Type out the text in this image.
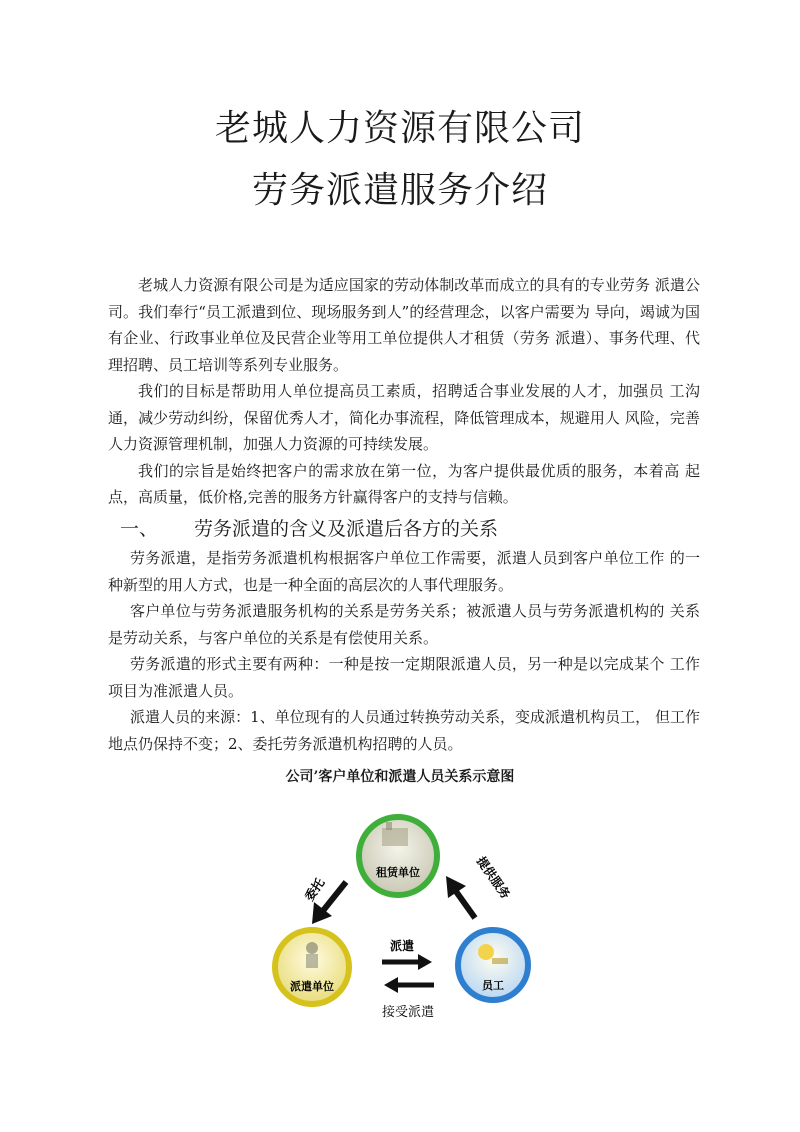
老城人力资源有限公司
劳务派遣服务介绍

老城人力资源有限公司是为适应国家的劳动体制改革而成立的具有的专业劳务 派遣公司。我们奉行“员工派遣到位、现场服务到人”的经营理念，以客户需要为 导向，竭诚为国有企业、行政事业单位及民营企业等用工单位提供人才租赁（劳务 派遣）、事务代理、代理招聘、员工培训等系列专业服务。

我们的目标是帮助用人单位提高员工素质，招聘适合事业发展的人才，加强员 工沟通，减少劳动纠纷，保留优秀人才，简化办事流程，降低管理成本，规避用人 风险，完善人力资源管理机制，加强人力资源的可持续发展。

我们的宗旨是始终把客户的需求放在第一位，为客户提供最优质的服务，本着高 起点，高质量，低价格,完善的服务方针赢得客户的支持与信赖。

一、 劳务派遣的含义及派遣后各方的关系

劳务派遣，是指劳务派遣机构根据客户单位工作需要，派遣人员到客户单位工作 的一种新型的用人方式，也是一种全面的高层次的人事代理服务。

客户单位与劳务派遣服务机构的关系是劳务关系；被派遣人员与劳务派遣机构的 关系是劳动关系，与客户单位的关系是有偿使用关系。

劳务派遣的形式主要有两种：一种是按一定期限派遣人员，另一种是以完成某个 工作项目为准派遣人员。

派遣人员的来源：1、单位现有的人员通过转换劳动关系，变成派遣机构员工， 但工作地点仍保持不变；2、委托劳务派遣机构招聘的人员。

公司’客户单位和派遣人员关系示意图
租赁单位
派遣单位	员工
委托	提供服务
派遣
接受派遣
